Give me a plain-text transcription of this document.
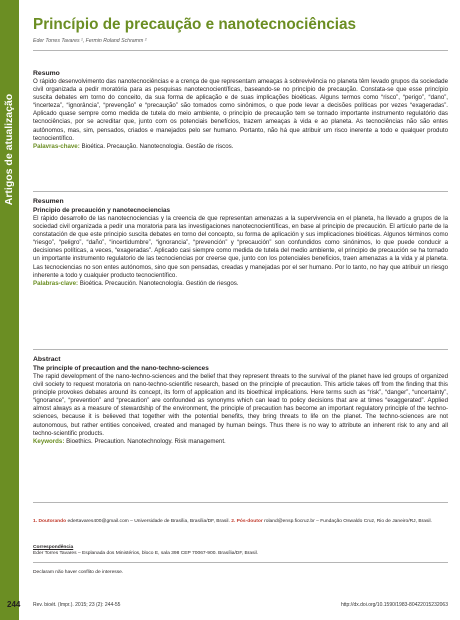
Artigos de atualização
Princípio de precaução e nanotecnociências
Eder Torres Tavares ¹, Fermin Roland Schramm ²

Resumo

O rápido desenvolvimento das nanotecnociências e a crença de que representam ameaças à sobrevivência no planeta têm levado grupos da sociedade civil organizada a pedir moratória para as pesquisas nanotecnocientíficas, baseando-se no princípio de precaução. Constata-se que esse princípio suscita debates em torno do conceito, da sua forma de aplicação e de suas implicações bioéticas. Alguns termos como “risco”, “perigo”, “dano”, “incerteza”, “ignorância”, “prevenção” e “precaução” são tomados como sinônimos, o que pode levar a decisões políticas por vezes “exageradas”. Aplicado quase sempre como medida de tutela do meio ambiente, o princípio de precaução tem se tornado importante instrumento regulatório das tecnociências, por se acreditar que, junto com os potenciais benefícios, trazem ameaças à vida e ao planeta. As tecnociências não são entes autônomos, mas, sim, pensados, criados e manejados pelo ser humano. Portanto, não há que atribuir um risco inerente a todo e qualquer produto tecnocientífico.
Palavras-chave: Bioética. Precaução. Nanotecnologia. Gestão de riscos.

Resumen

Principio de precaución y nanotecnociencias

El rápido desarrollo de las nanotecnociencias y la creencia de que representan amenazas a la supervivencia en el planeta, ha llevado a grupos de la sociedad civil organizada a pedir una moratoria para las investigaciones nanotecnocientíficas, en base al principio de precaución. El artículo parte de la constatación de que este principio suscita debates en torno del concepto, su forma de aplicación y sus implicaciones bioéticas. Algunos términos como “riesgo”, “peligro”, “daño”, “incertidumbre”, “ignorancia”, “prevención” y “precaución” son confundidos como sinónimos, lo que puede conducir a decisiones políticas, a veces, “exageradas”. Aplicado casi siempre como medida de tutela del medio ambiente, el principio de precaución se ha tornado un importante instrumento regulatorio de las tecnociencias por creerse que, junto con los potenciales beneficios, traen amenazas a la vida y al planeta. Las tecnociencias no son entes autónomos, sino que son pensadas, creadas y manejadas por el ser humano. Por lo tanto, no hay que atribuir un riesgo inherente a todo y cualquier producto tecnocientífico.
Palabras-clave: Bioética. Precaución. Nanotecnología. Gestión de riesgos.

Abstract

The principle of precaution and the nano-techno-sciences

The rapid development of the nano-techno-sciences and the belief that they represent threats to the survival of the planet have led groups of organized civil society to request moratoria on nano-techno-scientific research, based on the principle of precaution. This article takes off from the finding that this principle provokes debates around its concept, its form of application and its bioethical implications. Here terms such as “risk”, “danger”, “uncertainty”, “ignorance”, “prevention” and “precaution” are confounded as synonyms which can lead to policy decisions that are at times “exaggerated”. Applied almost always as a measure of stewardship of the environment, the principle of precaution has become an important regulatory principle of the techno-sciences, because it is believed that together with the potential benefits, they bring threats to life on the planet. The techno-sciences are not autonomous, but rather entities conceived, created and managed by human beings. Thus there is no way to attribute an inherent risk to any and all techno-scientific products.
Keywords: Bioethics. Precaution. Nanotechnology. Risk management.

1. Doutorando edertavares400@gmail.com – Universidade de Brasília, Brasília/DF, Brasil. 2. Pós-doutor roland@ensp.fiocruz.br – Fundação Oswaldo Cruz, Rio de Janeiro/RJ, Brasil.
Correspondência
Eder Torres Tavares – Esplanada dos Ministérios, bloco E, sala 398 CEP 70067-900. Brasília/DF, Brasil.
Declaram não haver conflito de interesse.
244	Rev. bioét. (Impr.). 2015; 23 (2): 244-55	http://dx.doi.org/10.1590/1983-80422015232063
